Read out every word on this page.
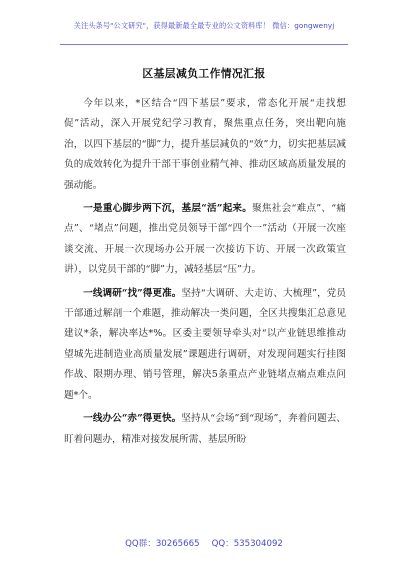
关注头条号"公文研究"，获得最新最全最专业的公文资料库！ 微信：gongwenyj
区基层减负工作情况汇报

今年以来，*区结合“四下基层”要求，常态化开展“走找想促”活动，深入开展党纪学习教育，聚焦重点任务，突出靶向施治，以四下基层的“脚”力，提升基层减负的“效”力，切实把基层减负的成效转化为提升干部干事创业精气神、推动区域高质量发展的强动能。

一是重心脚步两下沉，基层“活”起来。聚焦社会“难点”、“痛点”、“堵点”问题，推出党员领导干部“四个一”活动（开展一次座谈交流、开展一次现场办公开展一次接访下访、开展一次政策宣讲），以党员干部的“脚”力，减轻基层“压”力。

一线调研“找”得更准。坚持“大调研、大走访、大梳理”，党员干部通过解剖一个难题，推动解决一类问题，全区共搜集汇总意见建议*条，解决率达*%。区委主要领导牵头对“以产业链思维推动望城先进制造业高质量发展”课题进行调研，对发现问题实行挂图作战、限期办理、销号管理，解决5条重点产业链堵点痛点难点问题*个。

一线办公“赤”得更快。坚持从“会场”到“现场”，奔着问题去、盯着问题办，精准对接发展所需、基层所盼

QQ群：30265665 QQ：535304092
